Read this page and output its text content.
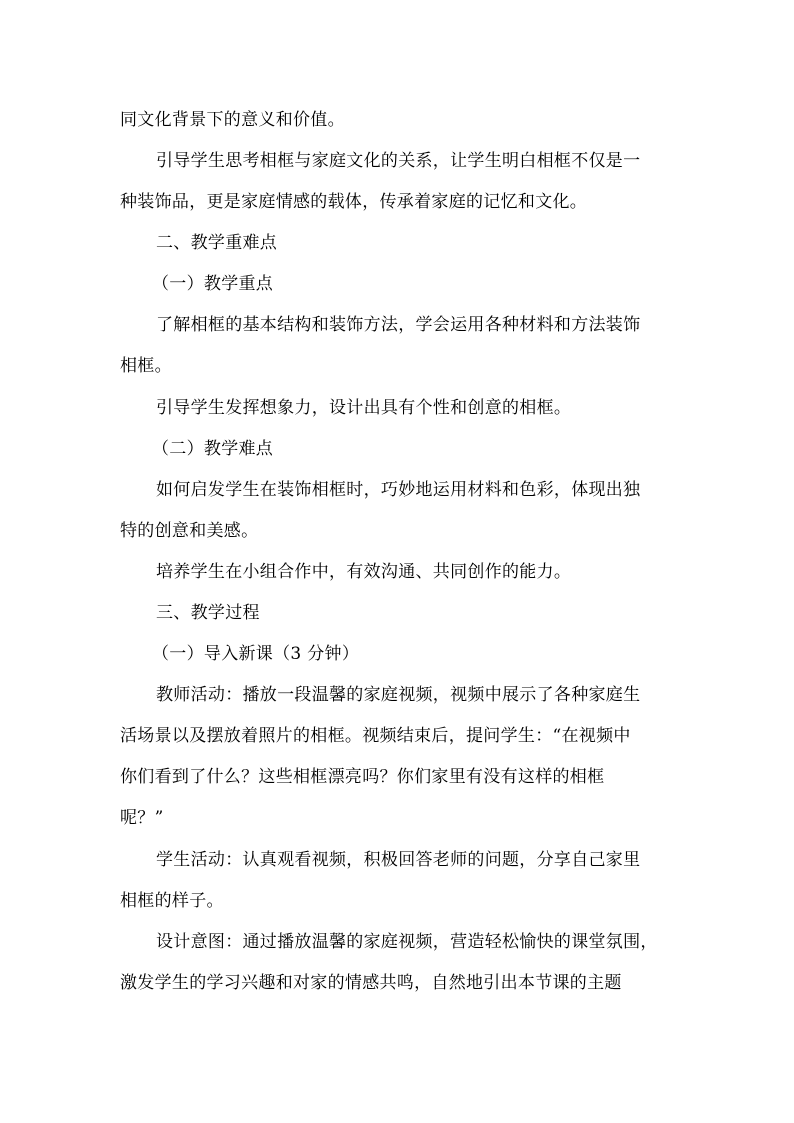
同文化背景下的意义和价值。
引导学生思考相框与家庭文化的关系，让学生明白相框不仅是一
种装饰品，更是家庭情感的载体，传承着家庭的记忆和文化。
二、教学重难点
（一）教学重点
了解相框的基本结构和装饰方法，学会运用各种材料和方法装饰
相框。
引导学生发挥想象力，设计出具有个性和创意的相框。
（二）教学难点
如何启发学生在装饰相框时，巧妙地运用材料和色彩，体现出独
特的创意和美感。
培养学生在小组合作中，有效沟通、共同创作的能力。
三、教学过程
（一）导入新课（3 分钟）
教师活动：播放一段温馨的家庭视频，视频中展示了各种家庭生
活场景以及摆放着照片的相框。视频结束后，提问学生：“在视频中
你们看到了什么？这些相框漂亮吗？你们家里有没有这样的相框
呢？”
学生活动：认真观看视频，积极回答老师的问题，分享自己家里
相框的样子。
设计意图：通过播放温馨的家庭视频，营造轻松愉快的课堂氛围，
激发学生的学习兴趣和对家的情感共鸣，自然地引出本节课的主题
